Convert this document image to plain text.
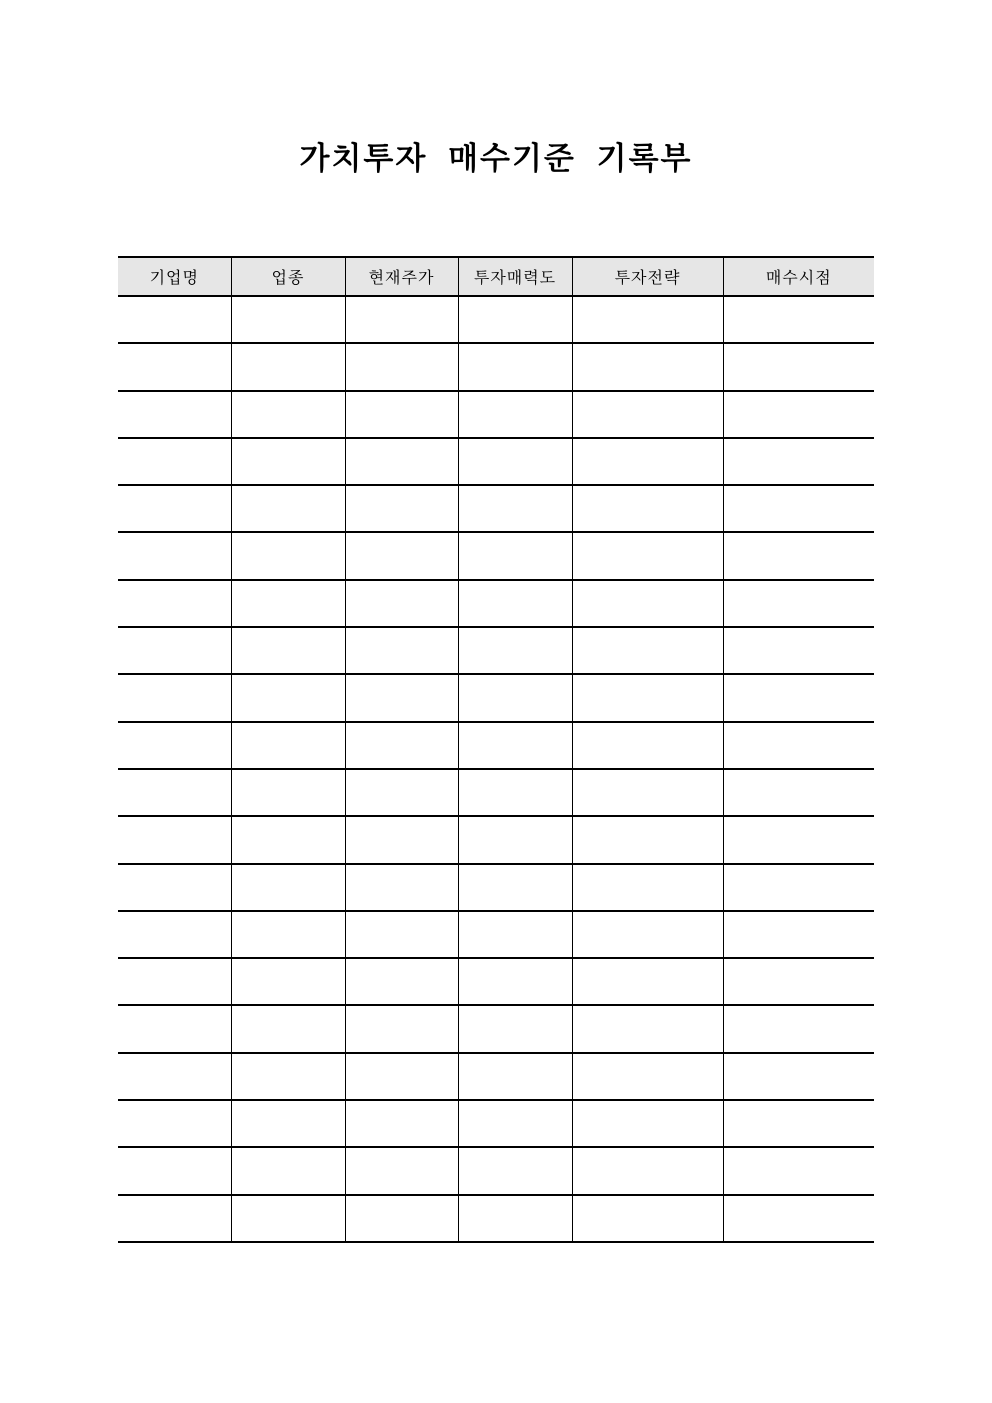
가치투자 매수기준 기록부
기업명	업종	현재주가	투자매력도	투자전략	매수시점
